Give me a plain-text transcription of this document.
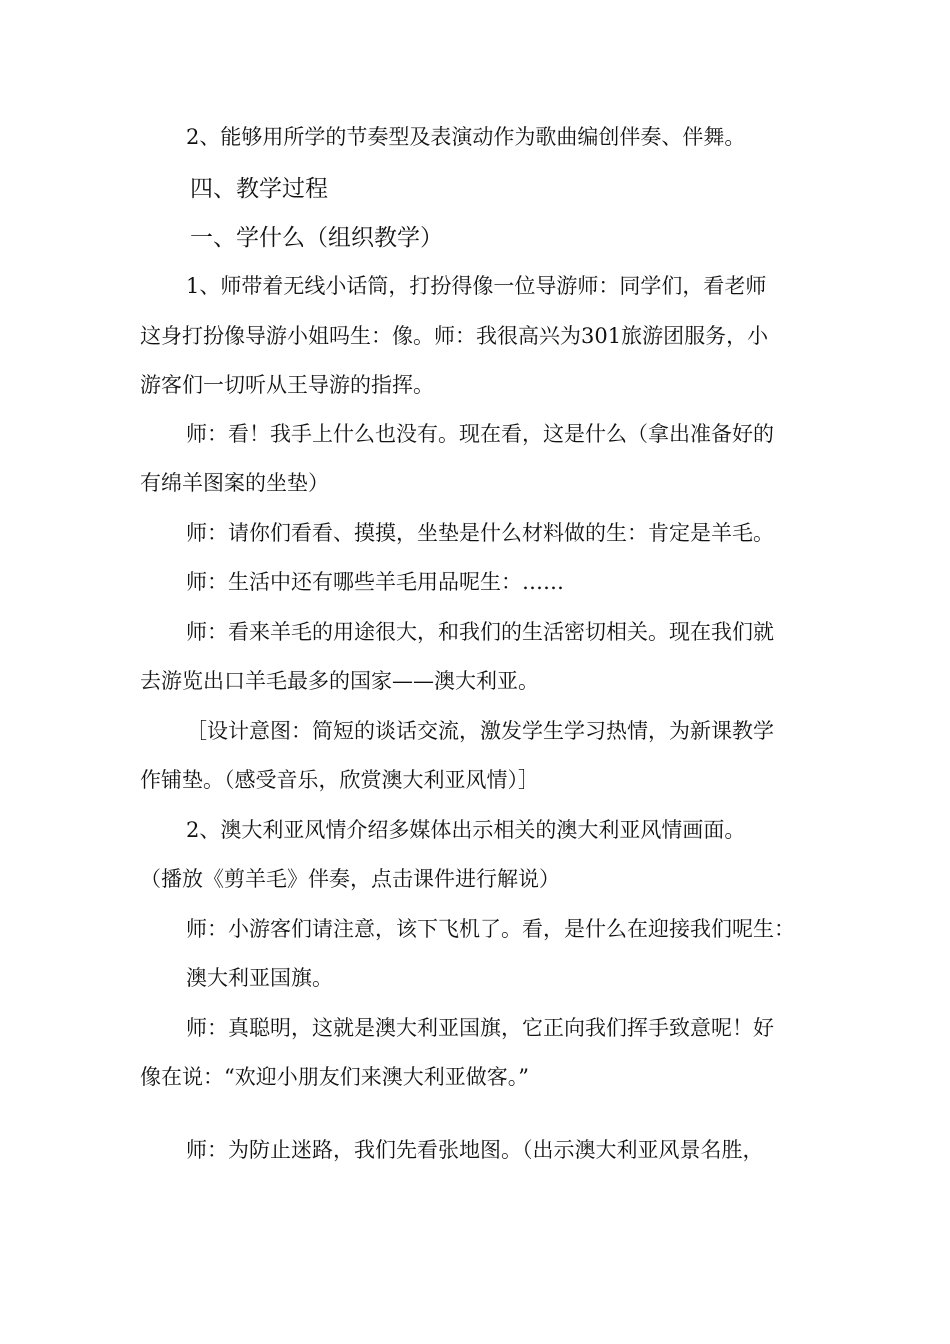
2、能够用所学的节奏型及表演动作为歌曲编创伴奏、伴舞。
四、教学过程
一、学什么（组织教学）
1、师带着无线小话筒，打扮得像一位导游师：同学们，看老师
这身打扮像导游小姐吗生：像。师：我很高兴为301旅游团服务，小
游客们一切听从王导游的指挥。
师：看！我手上什么也没有。现在看，这是什么（拿出准备好的
有绵羊图案的坐垫）
师：请你们看看、摸摸，坐垫是什么材料做的生：肯定是羊毛。
师：生活中还有哪些羊毛用品呢生：……
师：看来羊毛的用途很大，和我们的生活密切相关。现在我们就
去游览出口羊毛最多的国家——澳大利亚。
［设计意图：简短的谈话交流，激发学生学习热情，为新课教学
作铺垫。（感受音乐，欣赏澳大利亚风情）］
2、澳大利亚风情介绍多媒体出示相关的澳大利亚风情画面。
（播放《剪羊毛》伴奏，点击课件进行解说）
师：小游客们请注意，该下飞机了。看，是什么在迎接我们呢生：
澳大利亚国旗。
师：真聪明，这就是澳大利亚国旗，它正向我们挥手致意呢！好
像在说：“欢迎小朋友们来澳大利亚做客。”
师：为防止迷路，我们先看张地图。（出示澳大利亚风景名胜，
